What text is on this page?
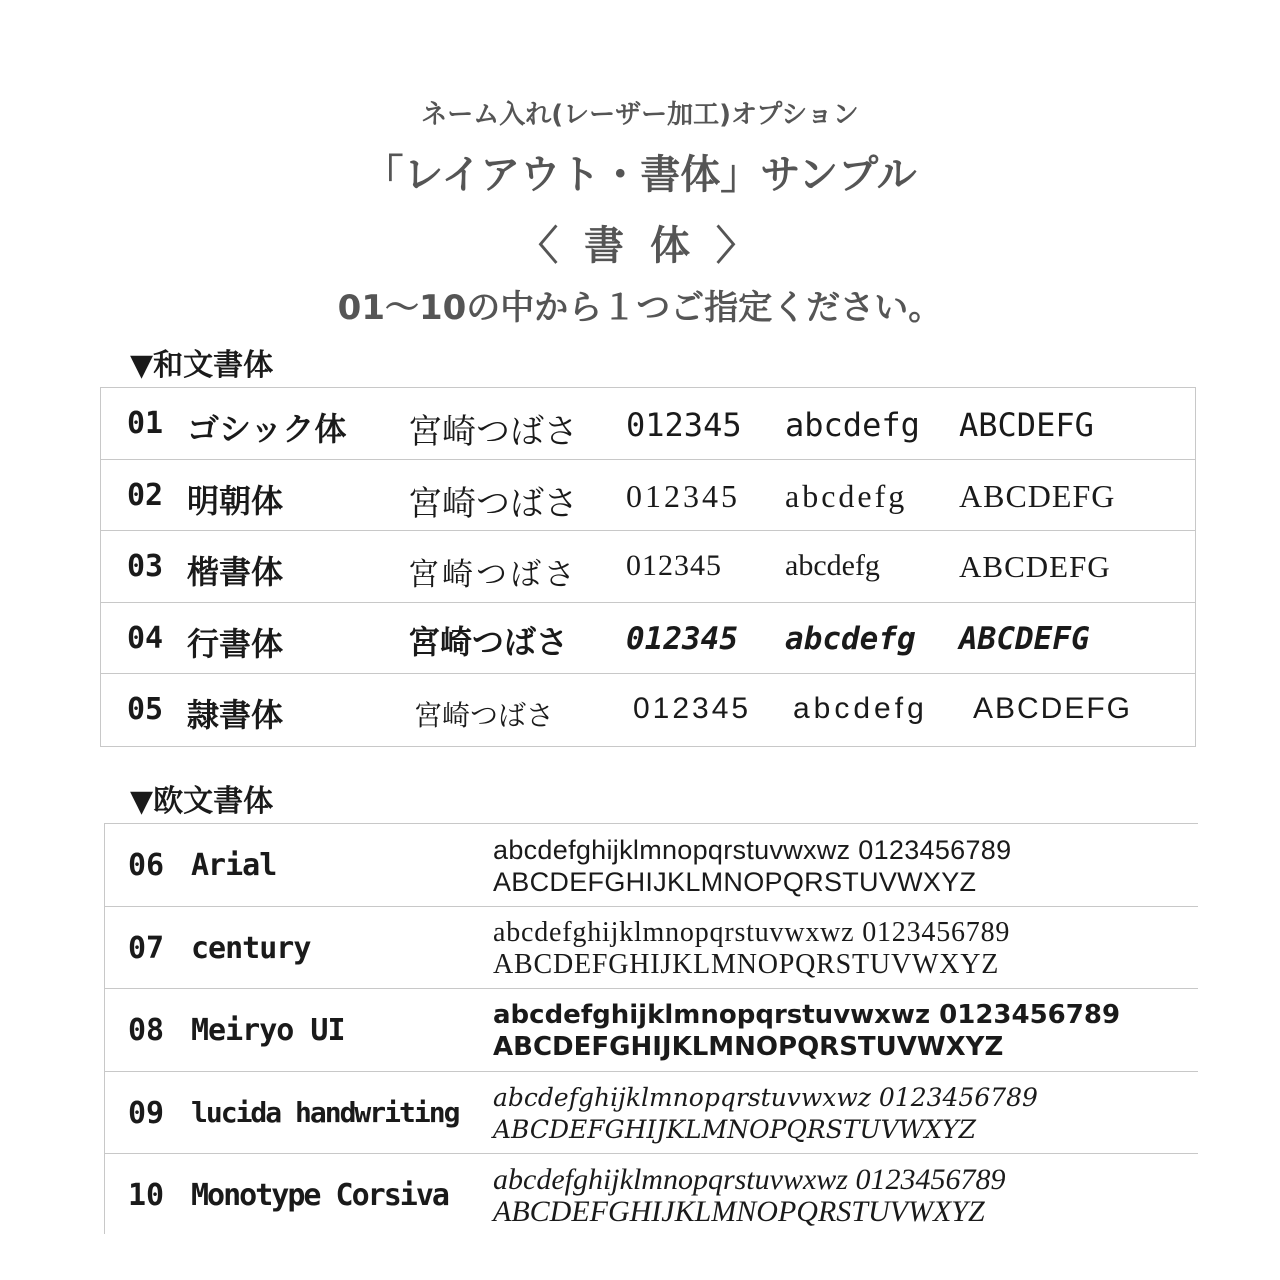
ネーム入れ(レーザー加工)オプション
「レイアウト・書体」サンプル
〈 書 体 〉
01〜10の中から１つご指定ください。
▼和文書体
01 ゴシック体 宮崎つばさ 012345 abcdefg ABCDEFG
02 明朝体	宮崎つばさ 012345 abcdefg ABCDEFG
03 楷書体	宮崎つばさ 012345 abcdefg	ABCDEFG
04 行書体	宮崎つばさ 012345 abcdefg ABCDEFG
05 隷書体	宮崎つばさ	012345 abcdefg ABCDEFG
▼欧文書体
06 Arial	abcdefghijklmnopqrstuvwxwz 0123456789
ABCDEFGHIJKLMNOPQRSTUVWXYZ
07 century	abcdefghijklmnopqrstuvwxwz 0123456789
ABCDEFGHIJKLMNOPQRSTUVWXYZ
08 Meiryo UI	abcdefghijklmnopqrstuvwxwz 0123456789
ABCDEFGHIJKLMNOPQRSTUVWXYZ
09 lucida handwriting abcdefghijklmnopqrstuvwxwz 0123456789
ABCDEFGHIJKLMNOPQRSTUVWXYZ
10 Monotype Corsiva abcdefghijklmnopqrstuvwxwz 0123456789
ABCDEFGHIJKLMNOPQRSTUVWXYZ
